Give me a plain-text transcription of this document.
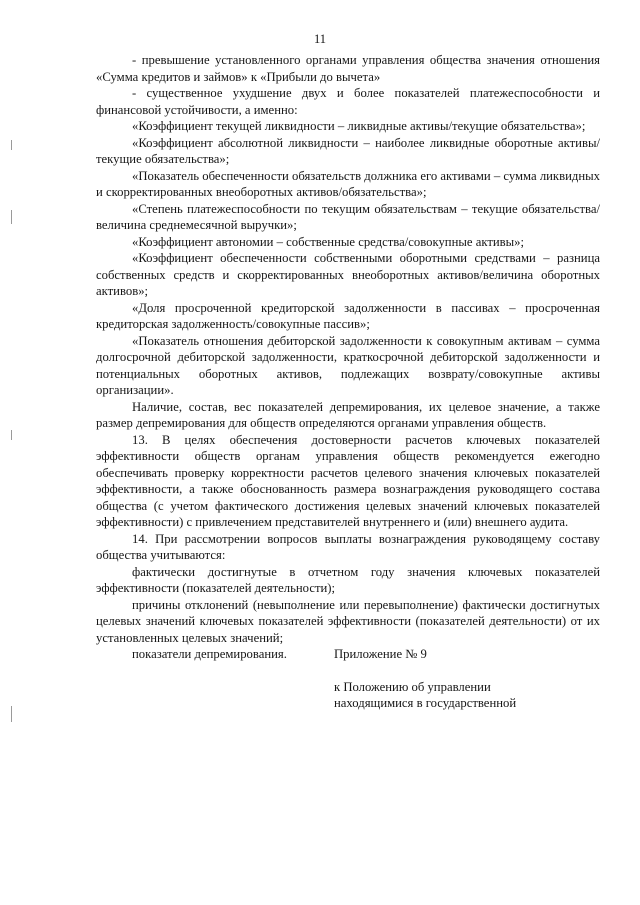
11

- превышение установленного органами управления общества значения отношения «Сумма кредитов и займов» к «Прибыли до вычета»

- существенное ухудшение двух и более показателей платежеспособности и финансовой устойчивости, а именно:

«Коэффициент текущей ликвидности – ликвидные активы/текущие обязательства»;

«Коэффициент абсолютной ликвидности – наиболее ликвидные оборотные активы/текущие обязательства»;

«Показатель обеспеченности обязательств должника его активами – сумма ликвидных и скорректированных внеоборотных активов/обязательства»;

«Степень платежеспособности по текущим обязательствам – текущие обязательства/величина среднемесячной выручки»;

«Коэффициент автономии – собственные средства/совокупные активы»;

«Коэффициент обеспеченности собственными оборотными средствами – разница собственных средств и скорректированных внеоборотных активов/величина оборотных активов»;

«Доля просроченной кредиторской задолженности в пассивах – просроченная кредиторская задолженность/совокупные пассив»;

«Показатель отношения дебиторской задолженности к совокупным активам – сумма долгосрочной дебиторской задолженности, краткосрочной дебиторской задолженности и потенциальных оборотных активов, подлежащих возврату/совокупные активы организации».

Наличие, состав, вес показателей депремирования, их целевое значение, а также размер депремирования для обществ определяются органами управления обществ.

13. В целях обеспечения достоверности расчетов ключевых показателей эффективности обществ органам управления обществ рекомендуется ежегодно обеспечивать проверку корректности расчетов целевого значения ключевых показателей эффективности, а также обоснованность размера вознаграждения руководящего состава общества (с учетом фактического достижения целевых значений ключевых показателей эффективности) с привлечением представителей внутреннего и (или) внешнего аудита.

14. При рассмотрении вопросов выплаты вознаграждения руководящему составу общества учитываются:

фактически достигнутые в отчетном году значения ключевых показателей эффективности (показателей деятельности);

причины отклонений (невыполнение или перевыполнение) фактически достигнутых целевых значений ключевых показателей эффективности (показателей деятельности) от их установленных целевых значений;

показатели депремирования.	Приложение № 9

к Положению об управлении

находящимися в государственной
